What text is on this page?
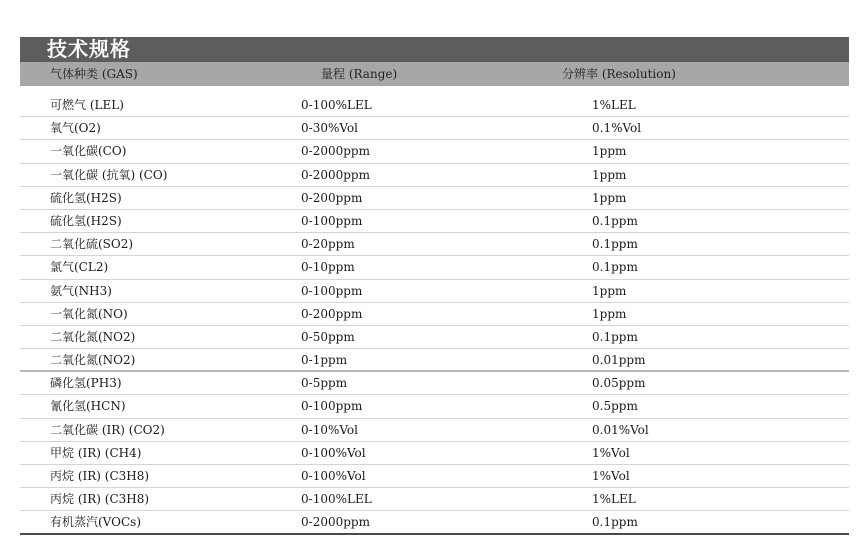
技术规格
气体种类 (GAS)	量程 (Range)	分辨率 (Resolution)
可燃气 (LEL)	0-100%LEL	1%LEL
氧气(O2)	0-30%Vol	0.1%Vol
一氧化碳(CO)	0-2000ppm	1ppm
一氧化碳 (抗氧) (CO)	0-2000ppm	1ppm
硫化氢(H2S)	0-200ppm	1ppm
硫化氢(H2S)	0-100ppm	0.1ppm
二氧化硫(SO2)	0-20ppm	0.1ppm
氯气(CL2)	0-10ppm	0.1ppm
氨气(NH3)	0-100ppm	1ppm
一氧化氮(NO)	0-200ppm	1ppm
二氧化氮(NO2)	0-50ppm	0.1ppm
二氧化氮(NO2)	0-1ppm	0.01ppm
磷化氢(PH3)	0-5ppm	0.05ppm
氰化氢(HCN)	0-100ppm	0.5ppm
二氧化碳 (IR) (CO2)	0-10%Vol	0.01%Vol
甲烷 (IR) (CH4)	0-100%Vol	1%Vol
丙烷 (IR) (C3H8)	0-100%Vol	1%Vol
丙烷 (IR) (C3H8)	0-100%LEL	1%LEL
有机蒸汽(VOCs)	0-2000ppm	0.1ppm
